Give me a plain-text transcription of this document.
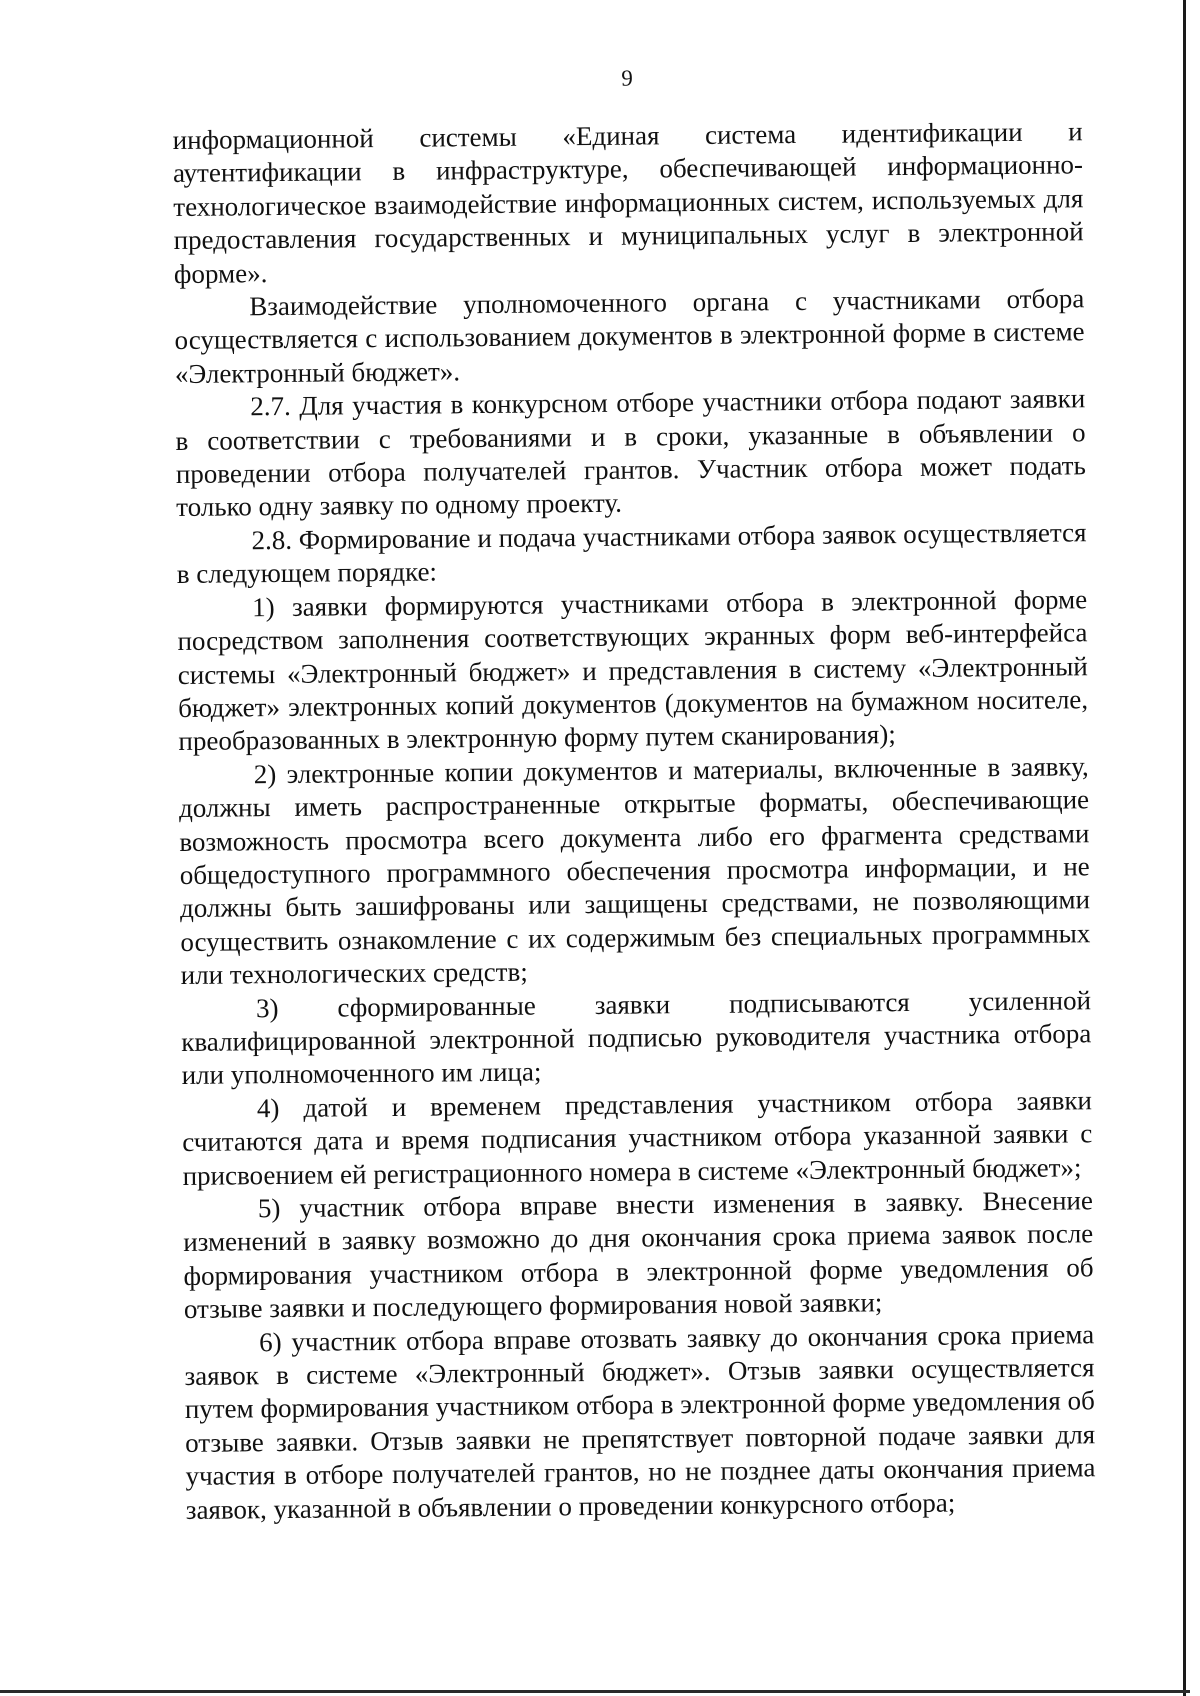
9

информационной системы «Единая система идентификации и аутентификации в инфраструктуре, обеспечивающей информационно-технологическое взаимодействие информационных систем, используемых для предоставления государственных и муниципальных услуг в электронной форме».

Взаимодействие уполномоченного органа с участниками отбора осуществляется с использованием документов в электронной форме в системе «Электронный бюджет».

2.7. Для участия в конкурсном отборе участники отбора подают заявки в соответствии с требованиями и в сроки, указанные в объявлении о проведении отбора получателей грантов. Участник отбора может подать только одну заявку по одному проекту.

2.8. Формирование и подача участниками отбора заявок осуществляется в следующем порядке:

1) заявки формируются участниками отбора в электронной форме посредством заполнения соответствующих экранных форм веб-интерфейса системы «Электронный бюджет» и представления в систему «Электронный бюджет» электронных копий документов (документов на бумажном носителе, преобразованных в электронную форму путем сканирования);

2) электронные копии документов и материалы, включенные в заявку, должны иметь распространенные открытые форматы, обеспечивающие возможность просмотра всего документа либо его фрагмента средствами общедоступного программного обеспечения просмотра информации, и не должны быть зашифрованы или защищены средствами, не позволяющими осуществить ознакомление с их содержимым без специальных программных или технологических средств;

3) сформированные заявки подписываются усиленной квалифицированной электронной подписью руководителя участника отбора или уполномоченного им лица;

4) датой и временем представления участником отбора заявки считаются дата и время подписания участником отбора указанной заявки с присвоением ей регистрационного номера в системе «Электронный бюджет»;

5) участник отбора вправе внести изменения в заявку. Внесение изменений в заявку возможно до дня окончания срока приема заявок после формирования участником отбора в электронной форме уведомления об отзыве заявки и последующего формирования новой заявки;

6) участник отбора вправе отозвать заявку до окончания срока приема заявок в системе «Электронный бюджет». Отзыв заявки осуществляется путем формирования участником отбора в электронной форме уведомления об отзыве заявки. Отзыв заявки не препятствует повторной подаче заявки для участия в отборе получателей грантов, но не позднее даты окончания приема заявок, указанной в объявлении о проведении конкурсного отбора;
